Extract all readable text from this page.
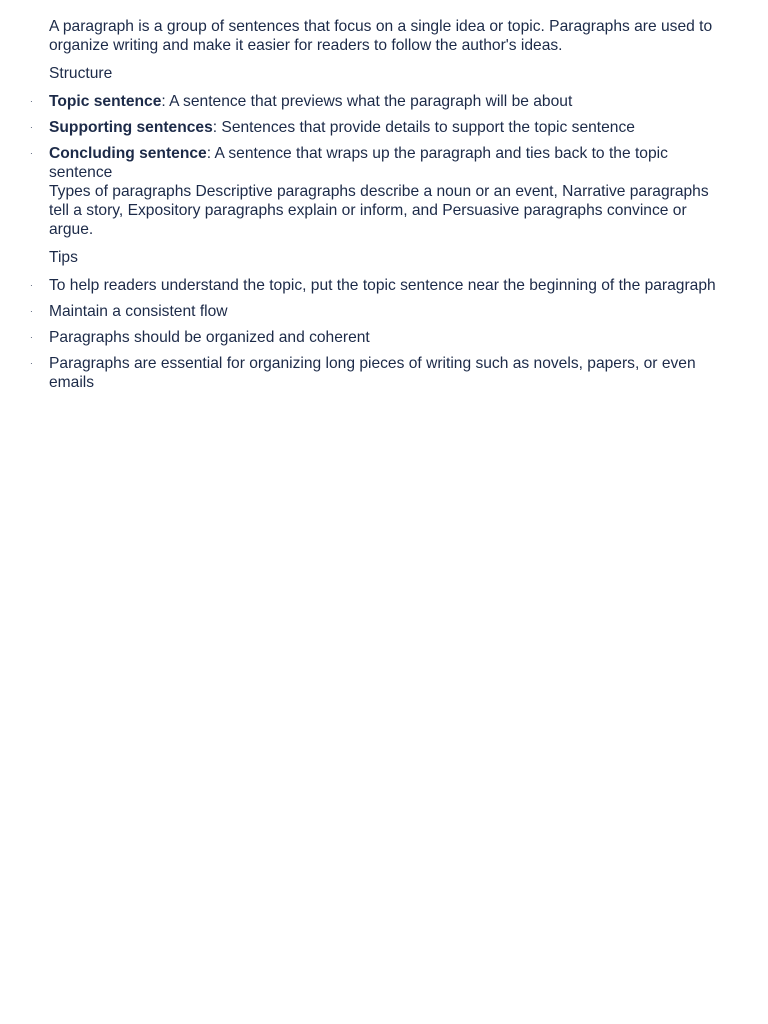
A paragraph is a group of sentences that focus on a single idea or topic. Paragraphs are used to organize writing and make it easier for readers to follow the author's ideas.

Structure

· Topic sentence: A sentence that previews what the paragraph will be about
· Supporting sentences: Sentences that provide details to support the topic sentence
· Concluding sentence: A sentence that wraps up the paragraph and ties back to the topic sentence

Types of paragraphs Descriptive paragraphs describe a noun or an event, Narrative paragraphs tell a story, Expository paragraphs explain or inform, and Persuasive paragraphs convince or argue.

Tips

· To help readers understand the topic, put the topic sentence near the beginning of the paragraph
· Maintain a consistent flow
· Paragraphs should be organized and coherent
· Paragraphs are essential for organizing long pieces of writing such as novels, papers, or even emails
